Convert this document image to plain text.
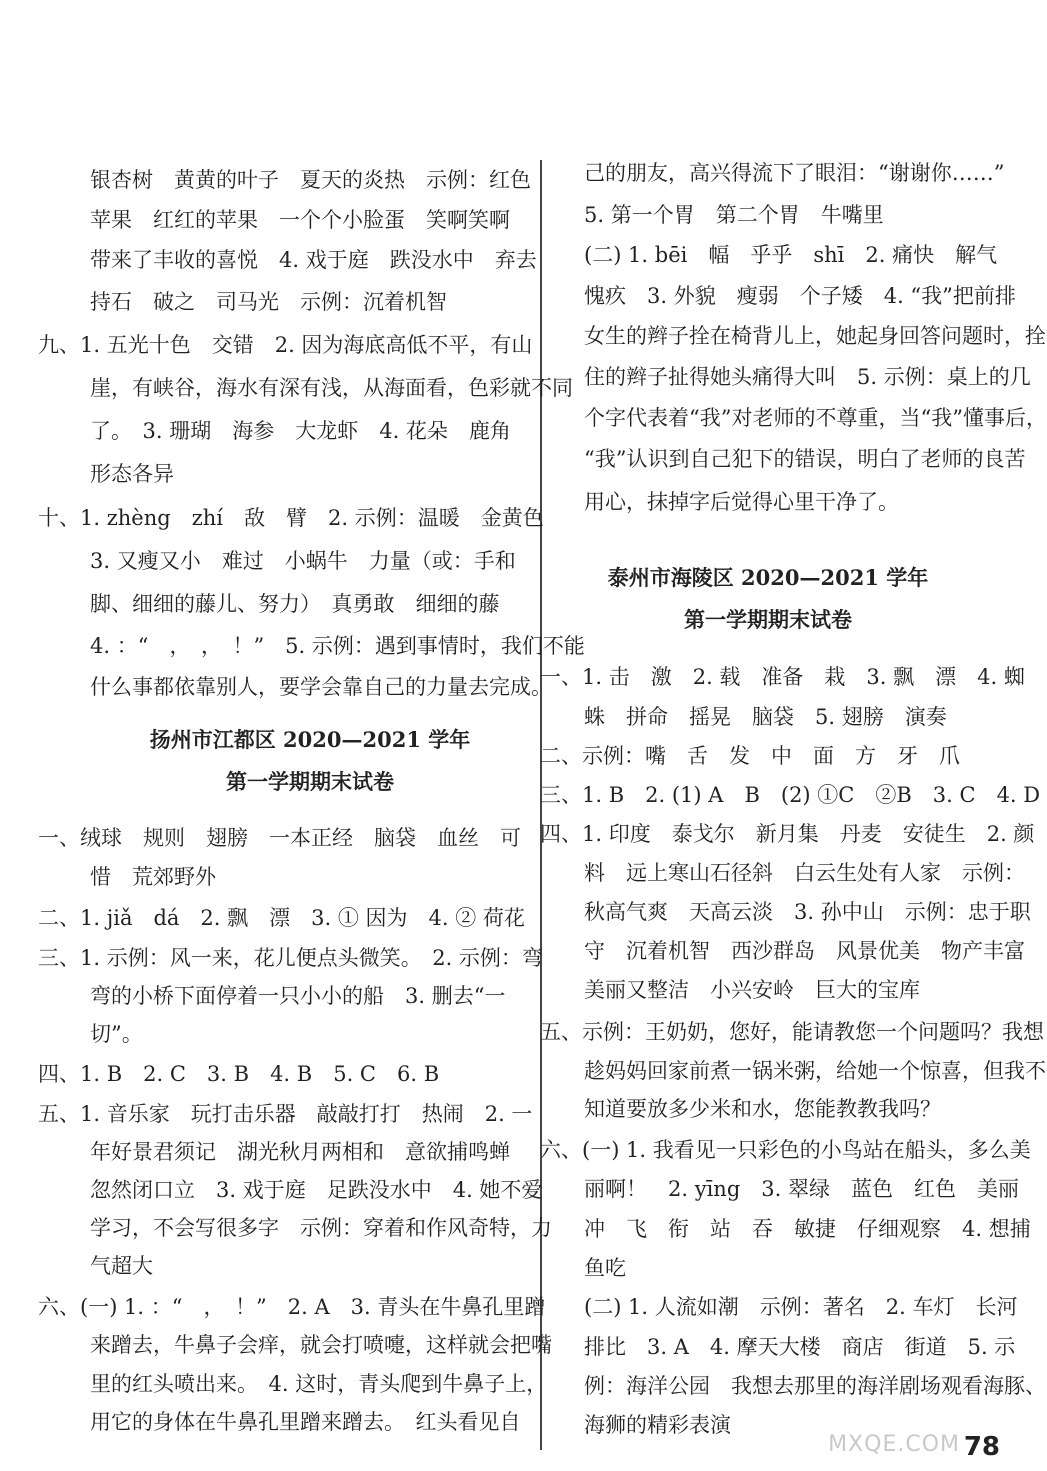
银杏树　黄黄的叶子　夏天的炎热　示例：红色
苹果　红红的苹果　一个个小脸蛋　笑啊笑啊
带来了丰收的喜悦　4. 戏于庭　跌没水中　弃去
持石　破之　司马光　示例：沉着机智
九、1. 五光十色　交错　2. 因为海底高低不平，有山
崖，有峡谷，海水有深有浅，从海面看，色彩就不同
了。　3. 珊瑚　海参　大龙虾　4. 花朵　鹿角
形态各异
十、1. zhèng　zhí　敌　臂　2. 示例：温暖　金黄色
3. 又瘦又小　难过　小蜗牛　力量（或：手和
脚、细细的藤儿、努力）　真勇敢　细细的藤
4. ：“　，　，　！”　5. 示例：遇到事情时，我们不能
什么事都依靠别人，要学会靠自己的力量去完成。
扬州市江都区 2020—2021 学年
第一学期期末试卷
一、绒球　规则　翅膀　一本正经　脑袋　血丝　可
惜　荒郊野外
二、1. jiǎ　dá　2. 飘　漂　3. ① 因为　4. ② 荷花
三、1. 示例：风一来，花儿便点头微笑。　2. 示例：弯
弯的小桥下面停着一只小小的船　3. 删去“一
切”。
四、1. B　2. C　3. B　4. B　5. C　6. B
五、1. 音乐家　玩打击乐器　敲敲打打　热闹　2. 一
年好景君须记　湖光秋月两相和　意欲捕鸣蝉
忽然闭口立　3. 戏于庭　足跌没水中　4. 她不爱
学习，不会写很多字　示例：穿着和作风奇特，力
气超大
六、(一) 1. ：“　，　！”　2. A　3. 青头在牛鼻孔里蹭
来蹭去，牛鼻子会痒，就会打喷嚏，这样就会把嘴
里的红头喷出来。　4. 这时，青头爬到牛鼻子上，
用它的身体在牛鼻孔里蹭来蹭去。　红头看见自
己的朋友，高兴得流下了眼泪：“谢谢你……”
5. 第一个胃　第二个胃　牛嘴里
(二) 1. bēi　幅　乎乎　shī　2. 痛快　解气
愧疚　3. 外貌　瘦弱　个子矮　4. “我”把前排
女生的辫子拴在椅背儿上，她起身回答问题时，拴
住的辫子扯得她头痛得大叫　5. 示例：桌上的几
个字代表着“我”对老师的不尊重，当“我”懂事后，
“我”认识到自己犯下的错误，明白了老师的良苦
用心，抹掉字后觉得心里干净了。
泰州市海陵区 2020—2021 学年
第一学期期末试卷
一、1. 击　激　2. 载　准备　栽　3. 飘　漂　4. 蜘
蛛　拼命　摇晃　脑袋　5. 翅膀　演奏
二、示例：嘴　舌　发　中　面　方　牙　爪
三、1. B　2. (1) A　B　(2) ①C　②B　3. C　4. D
四、1. 印度　泰戈尔　新月集　丹麦　安徒生　2. 颜
料　远上寒山石径斜　白云生处有人家　示例：
秋高气爽　天高云淡　3. 孙中山　示例：忠于职
守　沉着机智　西沙群岛　风景优美　物产丰富
美丽又整洁　小兴安岭　巨大的宝库
五、示例：王奶奶，您好，能请教您一个问题吗？我想
趁妈妈回家前煮一锅米粥，给她一个惊喜，但我不
知道要放多少米和水，您能教教我吗？
六、(一) 1. 我看见一只彩色的小鸟站在船头，多么美
丽啊！　2. yīng　3. 翠绿　蓝色　红色　美丽
冲　飞　衔　站　吞　敏捷　仔细观察　4. 想捕
鱼吃
(二) 1. 人流如潮　示例：著名　2. 车灯　长河
排比　3. A　4. 摩天大楼　商店　街道　5. 示
例：海洋公园　我想去那里的海洋剧场观看海豚、
海狮的精彩表演
MXQE.COM 78
